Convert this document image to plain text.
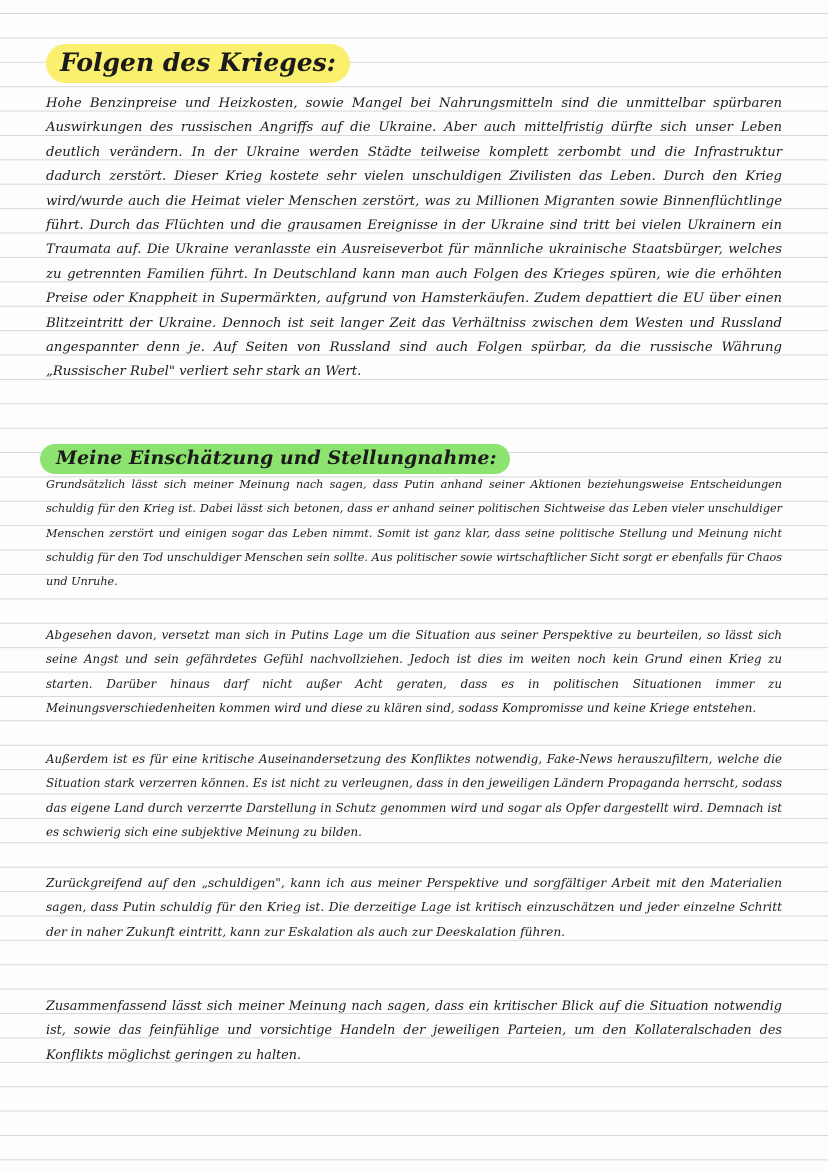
Folgen des Krieges:

Hohe Benzinpreise und Heizkosten, sowie Mangel bei Nahrungsmitteln sind die unmittelbar spürbaren Auswirkungen des russischen Angriffs auf die Ukraine. Aber auch mittelfristig dürfte sich unser Leben deutlich verändern. In der Ukraine werden Städte teilweise komplett zerbombt und die Infrastruktur dadurch zerstört. Dieser Krieg kostete sehr vielen unschuldigen Zivilisten das Leben. Durch den Krieg wird/wurde auch die Heimat vieler Menschen zerstört, was zu Millionen Migranten sowie Binnenflüchtlinge führt. Durch das Flüchten und die grausamen Ereignisse in der Ukraine sind tritt bei vielen Ukrainern ein Traumata auf. Die Ukraine veranlasste ein Ausreiseverbot für männliche ukrainische Staatsbürger, welches zu getrennten Familien führt. In Deutschland kann man auch Folgen des Krieges spüren, wie die erhöhten Preise oder Knappheit in Supermärkten, aufgrund von Hamsterkäufen. Zudem depattiert die EU über einen Blitzeintritt der Ukraine. Dennoch ist seit langer Zeit das Verhältniss zwischen dem Westen und Russland angespannter denn je. Auf Seiten von Russland sind auch Folgen spürbar, da die russische Währung „Russischer Rubel" verliert sehr stark an Wert.

Meine Einschätzung und Stellungnahme:

Grundsätzlich lässt sich meiner Meinung nach sagen, dass Putin anhand seiner Aktionen beziehungsweise Entscheidungen schuldig für den Krieg ist. Dabei lässt sich betonen, dass er anhand seiner politischen Sichtweise das Leben vieler unschuldiger Menschen zerstört und einigen sogar das Leben nimmt. Somit ist ganz klar, dass seine politische Stellung und Meinung nicht schuldig für den Tod unschuldiger Menschen sein sollte. Aus politischer sowie wirtschaftlicher Sicht sorgt er ebenfalls für Chaos und Unruhe.

Abgesehen davon, versetzt man sich in Putins Lage um die Situation aus seiner Perspektive zu beurteilen, so lässt sich seine Angst und sein gefährdetes Gefühl nachvollziehen. Jedoch ist dies im weiten noch kein Grund einen Krieg zu starten. Darüber hinaus darf nicht außer Acht geraten, dass es in politischen Situationen immer zu Meinungsverschiedenheiten kommen wird und diese zu klären sind, sodass Kompromisse und keine Kriege entstehen.

Außerdem ist es für eine kritische Auseinandersetzung des Konfliktes notwendig, Fake-News herauszufiltern, welche die Situation stark verzerren können. Es ist nicht zu verleugnen, dass in den jeweiligen Ländern Propaganda herrscht, sodass das eigene Land durch verzerrte Darstellung in Schutz genommen wird und sogar als Opfer dargestellt wird. Demnach ist es schwierig sich eine subjektive Meinung zu bilden.

Zurückgreifend auf den „schuldigen", kann ich aus meiner Perspektive und sorgfältiger Arbeit mit den Materialien sagen, dass Putin schuldig für den Krieg ist. Die derzeitige Lage ist kritisch einzuschätzen und jeder einzelne Schritt der in naher Zukunft eintritt, kann zur Eskalation als auch zur Deeskalation führen.

Zusammenfassend lässt sich meiner Meinung nach sagen, dass ein kritischer Blick auf die Situation notwendig ist, sowie das feinfühlige und vorsichtige Handeln der jeweiligen Parteien, um den Kollateralschaden des Konflikts möglichst geringen zu halten.
